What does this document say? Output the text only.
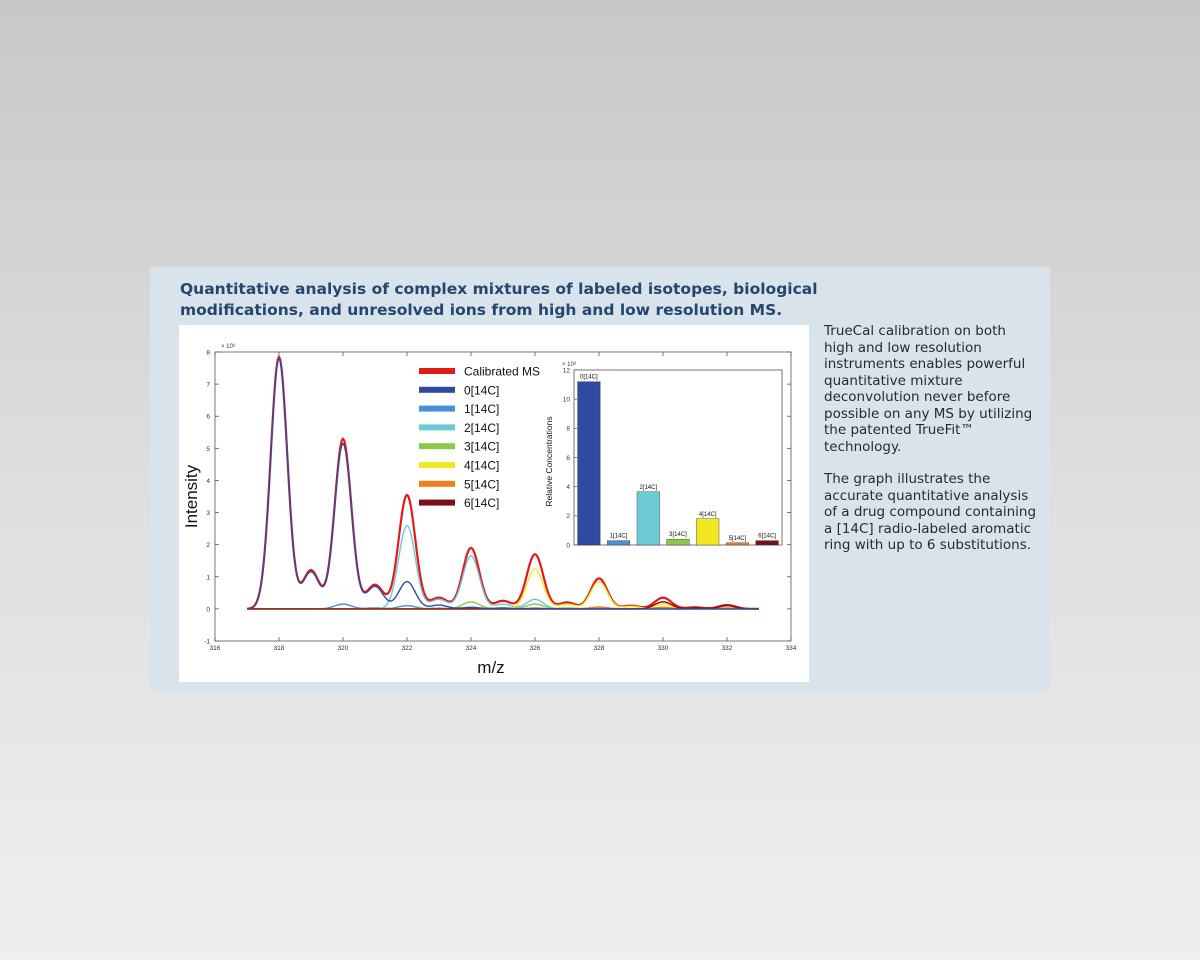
Quantitative analysis of complex mixtures of labeled isotopes, biological modifications, and unresolved ions from high and low resolution MS.
316	318	320	322	324	326	328	330	332	334
-1
0
1
2
3
4
5
6
7
8
× 10⁶
m/z
Intensity
Calibrated MS
0[14C]
1[14C]
2[14C]
3[14C]
4[14C]
5[14C]
6[14C]
0
2
4
6
8
10
12
× 10⁶
Relative Concentrations
0[14C]
1[14C]
2[14C]
3[14C]
4[14C]
5[14C] 6[14C]

TrueCal calibration on both high and low resolution instruments enables powerful quantitative mixture deconvolution never before possible on any MS by utilizing the patented TrueFit™ technology.

The graph illustrates the accurate quantitative analysis of a drug compound containing a [14C] radio-labeled aromatic ring with up to 6 substitutions.
